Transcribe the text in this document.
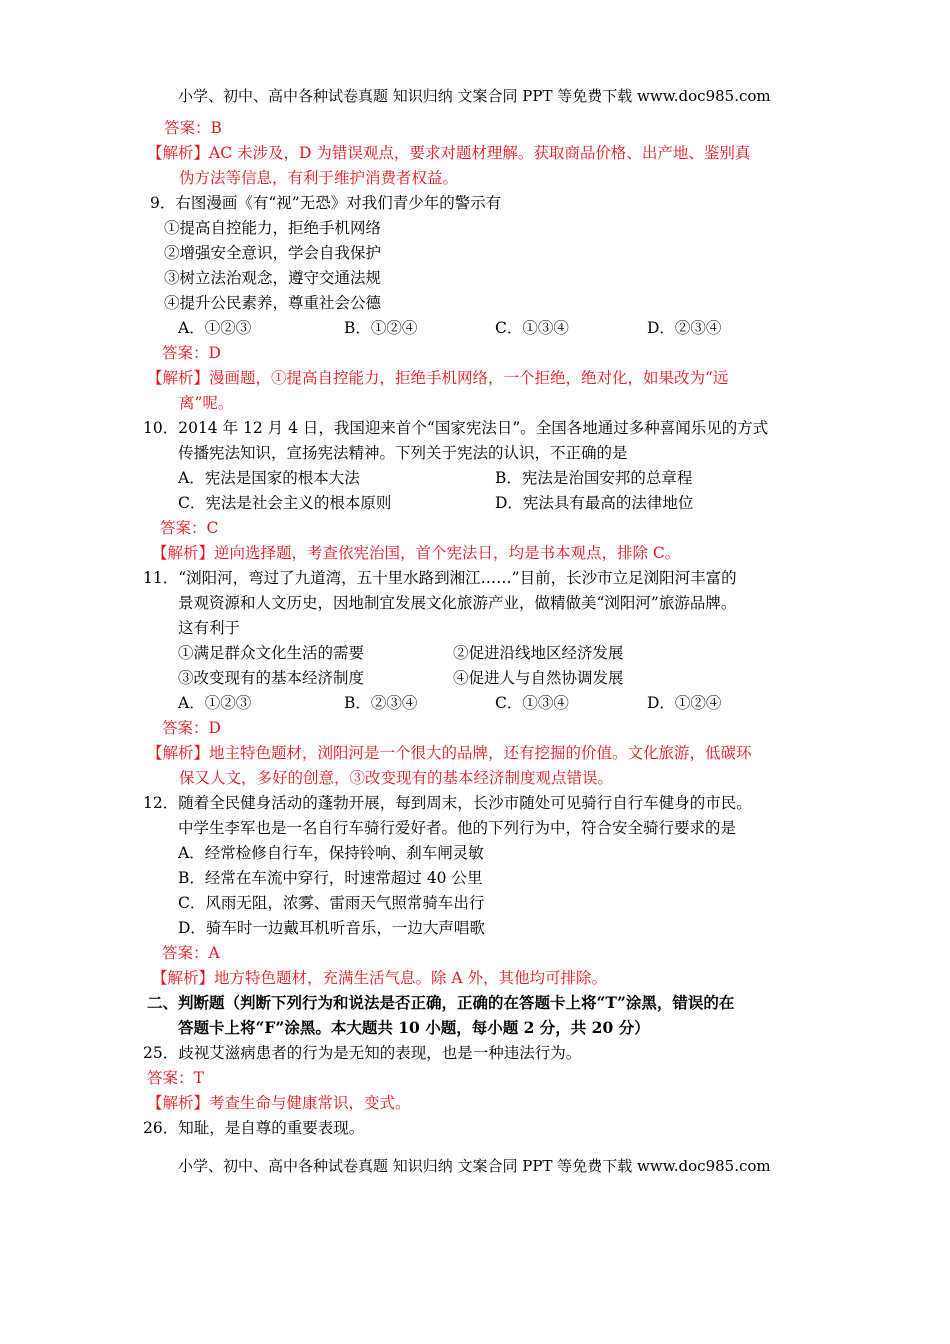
小学、初中、高中各种试卷真题 知识归纳 文案合同 PPT 等免费下载 www.doc985.com
答案：B
【解析】AC 未涉及，D 为错误观点，要求对题材理解。获取商品价格、出产地、鉴别真
伪方法等信息，有利于维护消费者权益。
9．右图漫画《有“视”无恐》对我们青少年的警示有
①提高自控能力，拒绝手机网络
②增强安全意识，学会自我保护
③树立法治观念，遵守交通法规
④提升公民素养，尊重社会公德
A．①②③	B．①②④	C．①③④	D．②③④
答案：D
【解析】漫画题，①提高自控能力，拒绝手机网络，一个拒绝，绝对化，如果改为“远
离”呢。
10．2014 年 12 月 4 日，我国迎来首个“国家宪法日”。全国各地通过多种喜闻乐见的方式
传播宪法知识，宣扬宪法精神。下列关于宪法的认识，不正确的是
A．宪法是国家的根本大法	B．宪法是治国安邦的总章程
C．宪法是社会主义的根本原则	D．宪法具有最高的法律地位
答案：C
【解析】逆向选择题，考查依宪治国，首个宪法日，均是书本观点，排除 C。
11．“浏阳河，弯过了九道湾，五十里水路到湘江……”目前，长沙市立足浏阳河丰富的
景观资源和人文历史，因地制宜发展文化旅游产业，做精做美“浏阳河”旅游品牌。
这有利于
①满足群众文化生活的需要	②促进沿线地区经济发展
③改变现有的基本经济制度	④促进人与自然协调发展
A．①②③	B．②③④	C．①③④	D．①②④
答案：D
【解析】地主特色题材，浏阳河是一个很大的品牌，还有挖掘的价值。文化旅游，低碳环
保又人文，多好的创意，③改变现有的基本经济制度观点错误。
12．随着全民健身活动的蓬勃开展，每到周末，长沙市随处可见骑行自行车健身的市民。
中学生李军也是一名自行车骑行爱好者。他的下列行为中，符合安全骑行要求的是
A．经常检修自行车，保持铃响、刹车闸灵敏
B．经常在车流中穿行，时速常超过 40 公里
C．风雨无阻，浓雾、雷雨天气照常骑车出行
D．骑车时一边戴耳机听音乐，一边大声唱歌
答案：A
【解析】地方特色题材，充满生活气息。除 A 外，其他均可排除。
二、判断题（判断下列行为和说法是否正确，正确的在答题卡上将“T”涂黑，错误的在
答题卡上将“F”涂黑。本大题共 10 小题，每小题 2 分，共 20 分）
25．歧视艾滋病患者的行为是无知的表现，也是一种违法行为。
答案：T
【解析】考查生命与健康常识，变式。
26．知耻，是自尊的重要表现。
小学、初中、高中各种试卷真题 知识归纳 文案合同 PPT 等免费下载 www.doc985.com
